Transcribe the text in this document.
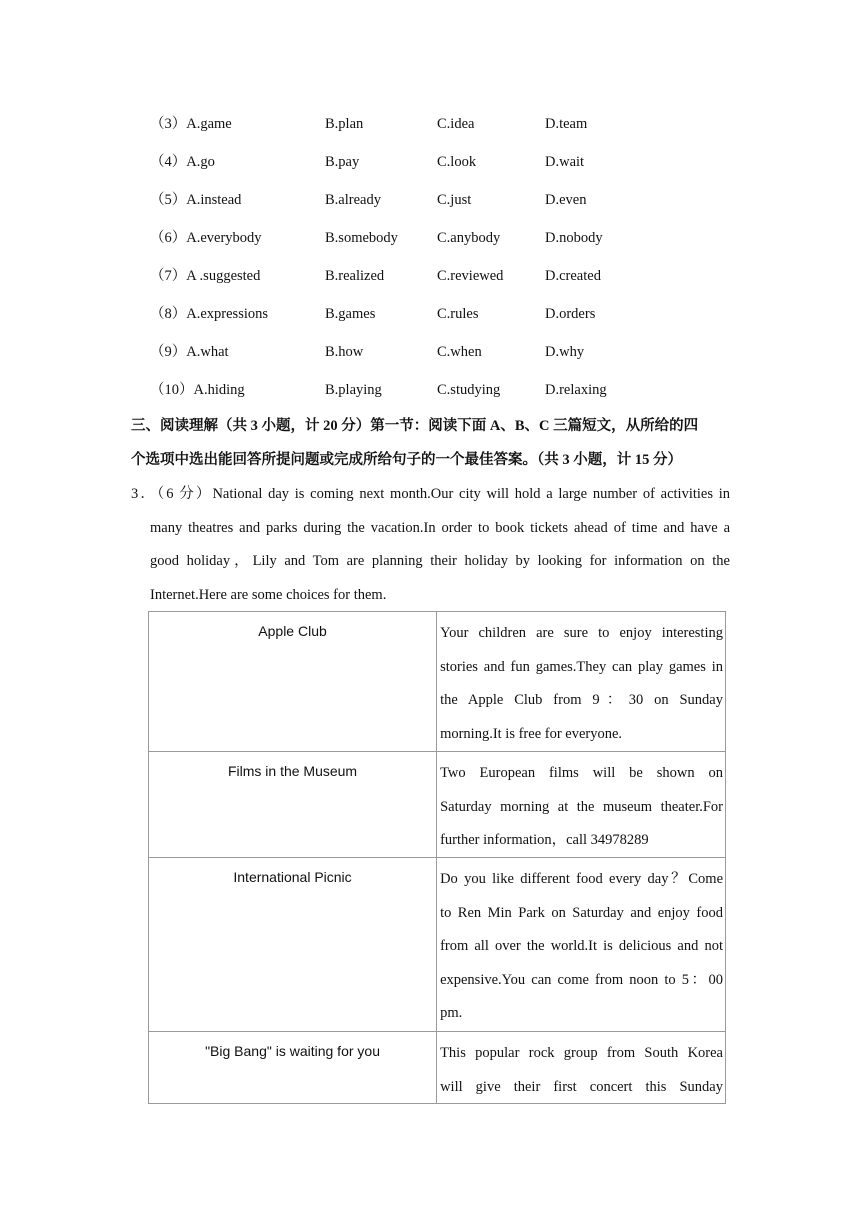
（3）A.game	B.plan	C.idea	D.team
（4）A.go	B.pay	C.look	D.wait
（5）A.instead	B.already	C.just	D.even
（6）A.everybody	B.somebody	C.anybody	D.nobody
（7）A .suggested	B.realized	C.reviewed	D.created
（8）A.expressions	B.games	C.rules	D.orders
（9）A.what	B.how	C.when	D.why
（10）A.hiding	B.playing	C.studying	D.relaxing
三、阅读理解（共 3 小题，计 20 分）第一节：阅读下面 A、B、C 三篇短文，从所给的四
个选项中选出能回答所提问题或完成所给句子的一个最佳答案。（共 3 小题，计 15 分）
3．（6 分）National day is coming next month.Our city will hold a large number of activities in
many theatres and parks during the vacation.In order to book tickets ahead of time and have a
good holiday，Lily and Tom are planning their holiday by looking for information on the
Internet.Here are some choices for them.
Apple Club	Your children are sure to enjoy interesting
stories and fun games.They can play games in
the Apple Club from 9：30 on Sunday
morning.It is free for everyone.

Films in the Museum	Two European films will be shown on
Saturday morning at the museum theater.For
further information，call 34978289

International Picnic	Do you like different food every day？Come
to Ren Min Park on Saturday and enjoy food
from all over the world.It is delicious and not
expensive.You can come from noon to 5：00
pm.

"Big Bang" is waiting for you	This popular rock group from South Korea
will give their first concert this Sunday
